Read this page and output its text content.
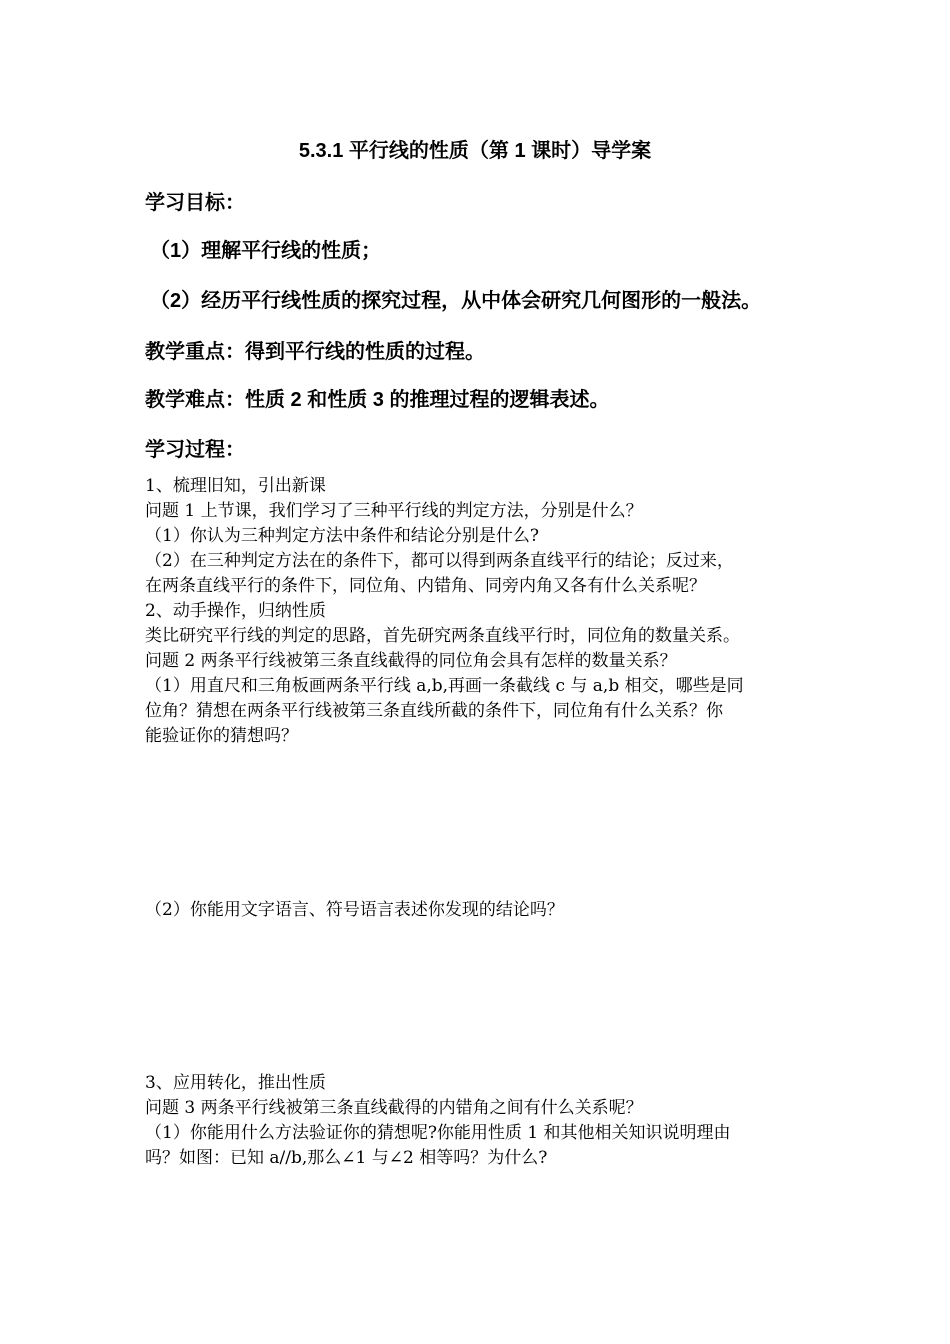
5.3.1 平行线的性质（第 1 课时）导学案
学习目标：
（1）理解平行线的性质；
（2）经历平行线性质的探究过程，从中体会研究几何图形的一般法。
教学重点：得到平行线的性质的过程。
教学难点：性质 2 和性质 3 的推理过程的逻辑表述。
学习过程：
1、梳理旧知，引出新课
问题 1 上节课，我们学习了三种平行线的判定方法，分别是什么？
（1）你认为三种判定方法中条件和结论分别是什么?
（2）在三种判定方法在的条件下，都可以得到两条直线平行的结论；反过来，
在两条直线平行的条件下，同位角、内错角、同旁内角又各有什么关系呢？
2、动手操作，归纳性质
类比研究平行线的判定的思路，首先研究两条直线平行时，同位角的数量关系。
问题 2 两条平行线被第三条直线截得的同位角会具有怎样的数量关系？
（1）用直尺和三角板画两条平行线 a,b,再画一条截线 c 与 a,b 相交，哪些是同
位角？猜想在两条平行线被第三条直线所截的条件下，同位角有什么关系？你
能验证你的猜想吗？
（2）你能用文字语言、符号语言表述你发现的结论吗？
3、应用转化，推出性质
问题 3 两条平行线被第三条直线截得的内错角之间有什么关系呢？
（1）你能用什么方法验证你的猜想呢?你能用性质 1 和其他相关知识说明理由
吗？如图：已知 a//b,那么∠1 与∠2 相等吗？为什么?
